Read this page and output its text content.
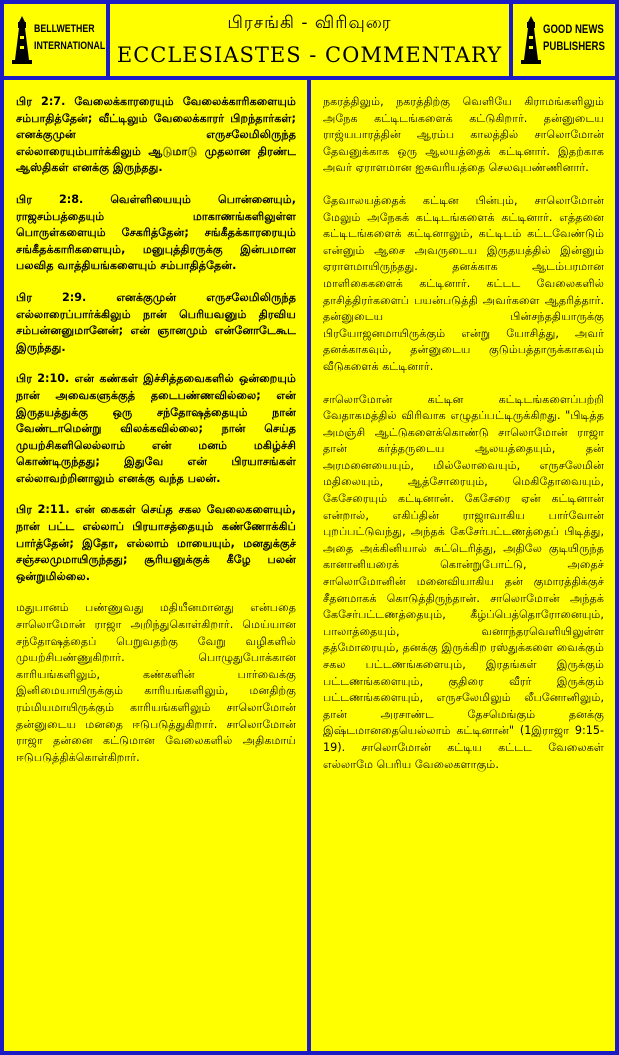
BELLWETHER
INTERNATIONAL
பிரசங்கி - விரிவுரை
ECCLESIASTES - COMMENTARY
GOOD NEWS
PUBLISHERS

பிர 2:7. வேலைக்காரரையும் வேலைக்காரிகளையும் சம்பாதித்தேன்; வீட்டிலும் வேலைக்காரர் பிறந்தார்கள்; எனக்குமுன் எருசலேமிலிருந்த எல்லாரையும்பார்க்கிலும் ஆடுமாடு முதலான திரண்ட ஆஸ்திகள் எனக்கு இருந்தது.

பிர 2:8. வெள்ளியையும் பொன்னையும், ராஜசம்பத்தையும் மாகாணங்களிலுள்ள பொருள்களையும் சேகரித்தேன்; சங்கீதக்காரரையும் சங்கீதக்காரிகளையும், மனுபுத்திரருக்கு இன்பமான பலவித வாத்தியங்களையும் சம்பாதித்தேன்.

பிர 2:9. எனக்குமுன் எருசலேமிலிருந்த எல்லாரைப்பார்க்கிலும் நான் பெரியவனும் திரவிய சம்பன்னனுமானேன்; என் ஞானமும் என்னோடேகூட இருந்தது.

பிர 2:10. என் கண்கள் இச்சித்தவைகளில் ஒன்றையும் நான் அவைகளுக்குத் தடைபண்ணவில்லை; என் இருதயத்துக்கு ஒரு சந்தோஷத்தையும் நான் வேண்டாமென்று விலக்கவில்லை; நான் செய்த முயற்சிகளிலெல்லாம் என் மனம் மகிழ்ச்சி கொண்டிருந்தது; இதுவே என் பிரயாசங்கள் எல்லாவற்றினாலும் எனக்கு வந்த பலன்.

பிர 2:11. என் கைகள் செய்த சகல வேலைகளையும், நான் பட்ட எல்லாப் பிரயாசத்தையும் கண்ணோக்கிப் பார்த்தேன்; இதோ, எல்லாம் மாயையும், மனதுக்குச் சஞ்சலமுமாயிருந்தது; சூரியனுக்குக் கீழே பலன் ஒன்றுமில்லை.

மதுபானம் பண்ணுவது மதியீனமானது என்பதை சாலொமோன் ராஜா அறிந்துகொள்கிறார். மெய்யான சந்தோஷத்தைப் பெறுவதற்கு வேறு வழிகளில் முயற்சிபண்ணுகிறார். பொழுதுபோக்கான காரியங்களிலும், கண்களின் பார்வைக்கு இனிமையாயிருக்கும் காரியங்களிலும், மனதிற்கு ரம்மியமாயிருக்கும் காரியங்களிலும் சாலொமோன் தன்னுடைய மனதை ஈடுபடுத்துகிறார். சாலொமோன் ராஜா தன்னை கட்டுமான வேலைகளில் அதிகமாய் ஈடுபடுத்திக்கொள்கிறார்.

நகரத்திலும், நகரத்திற்கு வெளியே கிராமங்களிலும் அநேக கட்டிடங்களைக் கட்டுகிறார். தன்னுடைய ராஜ்யபாரத்தின் ஆரம்ப காலத்தில் சாலொமோன் தேவனுக்காக ஒரு ஆலயத்தைக் கட்டினார். இதற்காக அவர் ஏராளமான ஐசுவரியத்தை செலவுபண்ணினார்.

தேவாலயத்தைக் கட்டின பின்பும், சாலொமோன் மேலும் அநேகக் கட்டிடங்களைக் கட்டினார். எத்தனை கட்டிடங்களைக் கட்டினாலும், கட்டிடம் கட்டவேண்டும் என்னும் ஆசை அவருடைய இருதயத்தில் இன்னும் ஏராளமாயிருந்தது. தனக்காக ஆடம்பரமான மாளிகைகளைக் கட்டினார். கட்டட வேலைகளில் தாசித்திரர்களைப் பயன்படுத்தி அவர்களை ஆதரித்தார். தன்னுடைய பின்சந்ததியாருக்கு பிரயோஜனமாயிருக்கும் என்று யோசித்து, அவர் தனக்காகவும், தன்னுடைய குடும்பத்தாருக்காகவும் வீடுகளைக் கட்டினார்.

சாலொமோன் கட்டின கட்டிடங்களைப்பற்றி வேதாகமத்தில் விரிவாக எழுதப்பட்டிருக்கிறது. "பிடித்த அமஞ்சி ஆட்டுகளைக்கொண்டு சாலொமோன் ராஜா தான் கர்த்தருடைய ஆலயத்தையும், தன் அரமனையையும், மில்லோவையும், எருசலேமின் மதிலையும், ஆத்சோரையும், மெகிதோவையும், கேசேரையும் கட்டினான். கேசேரை ஏன் கட்டினான் என்றால், எகிப்தின் ராஜாவாகிய பார்வோன் புறப்பட்டுவந்து, அந்தக் கேசேர்பட்டணத்தைப் பிடித்து, அதை அக்கினியால் சுட்டெரித்து, அதிலே குடியிருந்த கானானியரைக் கொன்றுபோட்டு, அதைச் சாலொமோனின் மனைவியாகிய தன் குமாரத்திக்குச் சீதனமாகக் கொடுத்திருந்தான். சாலொமோன் அந்தக் கேசேர்பட்டணத்தையும், கீழ்ப்பெத்தொரோனையும், பாலாத்தையும், வனாந்தரவெளியிலுள்ள தத்மோரையும், தனக்கு இருக்கிற ரஸ்துக்களை வைக்கும் சகல பட்டணங்களையும், இரதங்கள் இருக்கும் பட்டணங்களையும், குதிரை வீரர் இருக்கும் பட்டணங்களையும், எருசலேமிலும் லீபனோனிலும், தான் அரசாண்ட தேசமெங்கும் தனக்கு இஷ்டமானதையெல்லாம் கட்டினான்" (1இராஜா 9:15-19). சாலொமோன் கட்டிய கட்டட வேலைகள் எல்லாமே பெரிய வேலைகளாகும்.
